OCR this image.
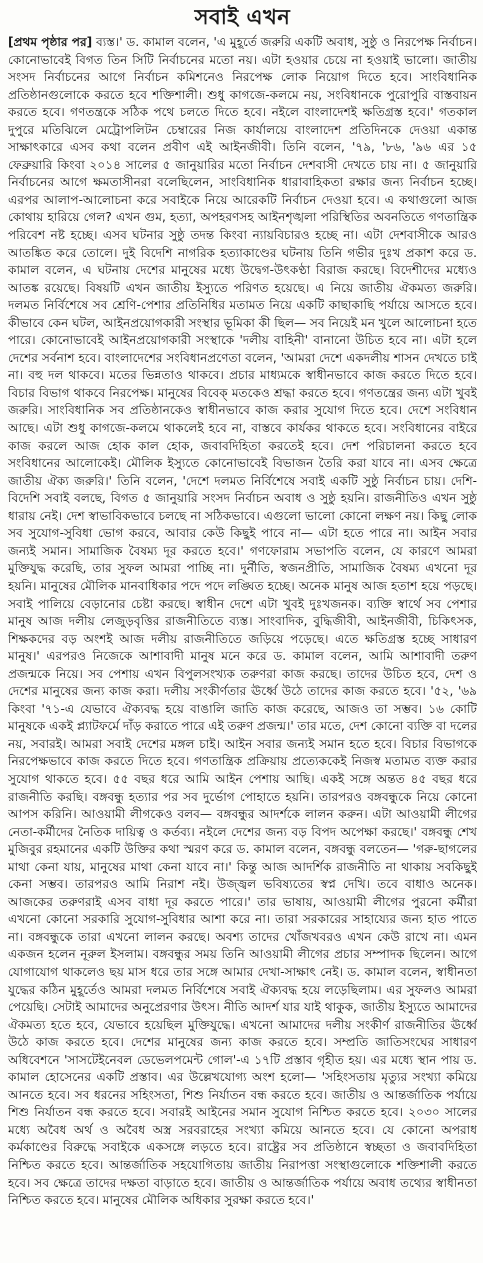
সবাই এখন

[প্রথম পৃষ্ঠার পর] ব্যস্ত।' ড. কামাল বলেন, 'এ মুহূর্তে জরুরি একটি অবাধ, সুষ্ঠু ও নিরপেক্ষ নির্বাচন। কোনোভাবেই বিগত তিন সিটি নির্বাচনের মতো নয়। এটা হওয়ার চেয়ে না হওয়াই ভালো। জাতীয় সংসদ নির্বাচনের আগে নির্বাচন কমিশনেও নিরপেক্ষ লোক নিয়োগ দিতে হবে। সাংবিধানিক প্রতিষ্ঠানগুলোকে করতে হবে শক্তিশালী। শুধু কাগজে-কলমে নয়, সংবিধানকে পুরোপুরি বাস্তবায়ন করতে হবে। গণতন্ত্রকে সঠিক পথে চলতে দিতে হবে। নইলে বাংলাদেশই ক্ষতিগ্রস্ত হবে।' গতকাল দুপুরে মতিঝিলে মেট্রোপলিটন চেম্বারের নিজ কার্যালয়ে বাংলাদেশ প্রতিদিনকে দেওয়া একান্ত সাক্ষাৎকারে এসব কথা বলেন প্রবীণ এই আইনজীবী। তিনি বলেন, '৭৯, '৮৬, '৯৬ এর ১৫ ফেব্রুয়ারি কিংবা ২০১৪ সালের ৫ জানুয়ারির মতো নির্বাচন দেশবাসী দেখতে চায় না। ৫ জানুয়ারি নির্বাচনের আগে ক্ষমতাসীনরা বলেছিলেন, সাংবিধানিক ধারাবাহিকতা রক্ষার জন্য নির্বাচন হচ্ছে। এরপর আলাপ-আলোচনা করে সবাইকে নিয়ে আরেকটি নির্বাচন দেওয়া হবে। এ কথাগুলো আজ কোথায় হারিয়ে গেল? এখন গুম, হত্যা, অপহরণসহ আইনশৃঙ্খলা পরিস্থিতির অবনতিতে গণতান্ত্রিক পরিবেশ নষ্ট হচ্ছে। এসব ঘটনার সুষ্ঠু তদন্ত কিংবা ন্যায়বিচারও হচ্ছে না। এটা দেশবাসীকে আরও আতঙ্কিত করে তোলে। দুই বিদেশি নাগরিক হত্যাকাণ্ডের ঘটনায় তিনি গভীর দুঃখ প্রকাশ করে ড. কামাল বলেন, এ ঘটনায় দেশের মানুষের মধ্যে উদ্বেগ-উৎকণ্ঠা বিরাজ করছে। বিদেশীদের মধ্যেও আতঙ্ক রয়েছে। বিষয়টি এখন জাতীয় ইস্যুতে পরিণত হয়েছে। এ নিয়ে জাতীয় ঐকমত্য জরুরি। দলমত নির্বিশেষে সব শ্রেণি-পেশার প্রতিনিধির মতামত নিয়ে একটি কাছাকাছি পর্যায়ে আসতে হবে। কীভাবে কেন ঘটল, আইনপ্রয়োগকারী সংস্থার ভূমিকা কী ছিল— সব নিয়েই মন খুলে আলোচনা হতে পারে। কোনোভাবেই আইনপ্রয়োগকারী সংস্থাকে 'দলীয় বাহিনী' বানানো উচিত হবে না। এটা হলে দেশের সর্বনাশ হবে। বাংলাদেশের সংবিধানপ্রণেতা বলেন, 'আমরা দেশে একদলীয় শাসন দেখতে চাই না। বহু দল থাকবে। মতের ভিন্নতাও থাকবে। প্রচার মাধ্যমকে স্বাধীনভাবে কাজ করতে দিতে হবে। বিচার বিভাগ থাকবে নিরপেক্ষ। মানুষের বিবেক্ মতকেও শ্রদ্ধা করতে হবে। গণতন্ত্রের জন্য এটা খুবই জরুরি। সাংবিধানিক সব প্রতিষ্ঠানকেও স্বাধীনভাবে কাজ করার সুযোগ দিতে হবে। দেশে সংবিধান আছে। এটা শুধু কাগজে-কলমে থাকলেই হবে না, বাস্তবে কার্যকর থাকতে হবে। সংবিধানের বাইরে কাজ করলে আজ হোক কাল হোক, জবাবদিহিতা করতেই হবে। দেশ পরিচালনা করতে হবে সংবিধানের আলোকেই। মৌলিক ইস্যুতে কোনোভাবেই বিভাজন তৈরি করা যাবে না। এসব ক্ষেত্রে জাতীয় ঐক্য জরুরি।' তিনি বলেন, 'দেশে দলমত নির্বিশেষে সবাই একটি সুষ্ঠু নির্বাচন চায়। দেশি-বিদেশি সবাই বলছে, বিগত ৫ জানুয়ারি সংসদ নির্বাচন অবাধ ও সুষ্ঠু হয়নি। রাজনীতিও এখন সুষ্ঠু ধারায় নেই। দেশ স্বাভাবিকভাবে চলছে না সঠিকভাবে। এগুলো ভালো কোনো লক্ষণ নয়। কিছু লোক সব সুযোগ-সুবিধা ভোগ করবে, আবার কেউ কিছুই পাবে না— এটা হতে পারে না। আইন সবার জন্যই সমান। সামাজিক বৈষম্য দূর করতে হবে।' গণফোরাম সভাপতি বলেন, যে কারণে আমরা মুক্তিযুদ্ধ করেছি, তার সুফল আমরা পাচ্ছি না। দুর্নীতি, স্বজনপ্রীতি, সামাজিক বৈষম্য এখনো দূর হয়নি। মানুষের মৌলিক মানবাধিকার পদে পদে লঙ্ঘিত হচ্ছে। অনেক মানুষ আজ হতাশ হয়ে পড়ছে। সবাই পালিয়ে বেড়ানোর চেষ্টা করছে। স্বাধীন দেশে এটা খুবই দুঃখজনক। ব্যক্তি স্বার্থে সব পেশার মানুষ আজ দলীয় লেজুড়বৃত্তির রাজনীতিতে ব্যস্ত। সাংবাদিক, বুদ্ধিজীবী, আইনজীবী, চিকিৎসক, শিক্ষকদের বড় অংশই আজ দলীয় রাজনীতিতে জড়িয়ে পড়েছে। এতে ক্ষতিগ্রস্ত হচ্ছে সাধারণ মানুষ।' এরপরও নিজেকে আশাবাদী মানুষ মনে করে ড. কামাল বলেন, আমি আশাবাদী তরুণ প্রজন্মকে নিয়ে। সব পেশায় এখন বিপুলসংখ্যক তরুণরা কাজ করছে। তাদের উচিত হবে, দেশ ও দেশের মানুষের জন্য কাজ করা। দলীয় সংকীর্ণতার ঊর্ধ্বে উঠে তাদের কাজ করতে হবে। '৫২, '৬৯ কিংবা '৭১-এ যেভাবে ঐক্যবদ্ধ হয়ে বাঙালি জাতি কাজ করেছে, আজও তা সম্ভব। ১৬ কোটি মানুষকে একই প্ল্যাটফর্মে দাঁড় করাতে পারে এই তরুণ প্রজন্ম।' তার মতে, দেশ কোনো ব্যক্তি বা দলের নয়, সবারই। আমরা সবাই দেশের মঙ্গল চাই। আইন সবার জন্যই সমান হতে হবে। বিচার বিভাগকে নিরপেক্ষভাবে কাজ করতে দিতে হবে। গণতান্ত্রিক প্রক্রিয়ায় প্রত্যেককেই নিজস্ব মতামত ব্যক্ত করার সুযোগ থাকতে হবে। ৫৫ বছর ধরে আমি আইন পেশায় আছি। একই সঙ্গে অন্তত ৪৫ বছর ধরে রাজনীতি করছি। বঙ্গবন্ধু হত্যার পর সব দুর্ভোগ পোহাতে হয়নি। তারপরও বঙ্গবন্ধুকে নিয়ে কোনো আপস করিনি। আওয়ামী লীগকেও বলব— বঙ্গবন্ধুর আদর্শকে লালন করুন। এটা আওয়ামী লীগের নেতা-কর্মীদের নৈতিক দায়িত্ব ও কর্তব্য। নইলে দেশের জন্য বড় বিপদ অপেক্ষা করছে।' বঙ্গবন্ধু শেখ মুজিবুর রহমানের একটি উক্তির কথা স্মরণ করে ড. কামাল বলেন, বঙ্গবন্ধু বলতেন— 'গরু-ছাগলের মাথা কেনা যায়, মানুষের মাথা কেনা যাবে না।' কিন্তু আজ আদর্শিক রাজনীতি না থাকায় সবকিছুই কেনা সম্ভব। তারপরও আমি নিরাশ নই। উজ্জ্বল ভবিষ্যতের স্বপ্ন দেখি। তবে বাধাও অনেক। আজকের তরুণরাই এসব বাধা দূর করতে পারে।' তার ভাষায়, আওয়ামী লীগের পুরনো কর্মীরা এখনো কোনো সরকারি সুযোগ-সুবিধার আশা করে না। তারা সরকারের সাহায্যের জন্য হাত পাতে না। বঙ্গবন্ধুকে তারা এখনো লালন করছে। অবশ্য তাদের খোঁজখবরও এখন কেউ রাখে না। এমন একজন হলেন নূরুল ইসলাম। বঙ্গবন্ধুর সময় তিনি আওয়ামী লীগের প্রচার সম্পাদক ছিলেন। আগে যোগাযোগ থাকলেও ছয় মাস ধরে তার সঙ্গে আমার দেখা-সাক্ষাৎ নেই। ড. কামাল বলেন, স্বাধীনতা যুদ্ধের কঠিন মুহূর্তেও আমরা দলমত নির্বিশেষে সবাই ঐক্যবদ্ধ হয়ে লড়েছিলাম। এর সুফলও আমরা পেয়েছি। সেটাই আমাদের অনুপ্রেরণার উৎস। নীতি আদর্শ যার যাই থাকুক, জাতীয় ইস্যুতে আমাদের ঐকমত্য হতে হবে, যেভাবে হয়েছিল মুক্তিযুদ্ধে। এখনো আমাদের দলীয় সংকীর্ণ রাজনীতির ঊর্ধ্বে উঠে কাজ করতে হবে। দেশের মানুষের জন্য কাজ করতে হবে। সম্প্রতি জাতিসংঘের সাধারণ অধিবেশনে 'সাসটেইনেবল ডেভেলপমেন্ট গোল'-এ ১৭টি প্রস্তাব গৃহীত হয়। এর মধ্যে স্থান পায় ড. কামাল হোসেনের একটি প্রস্তাব। এর উল্লেখযোগ্য অংশ হলো— 'সহিংসতায় মৃত্যুর সংখ্যা কমিয়ে আনতে হবে। সব ধরনের সহিংসতা, শিশু নির্যাতন বন্ধ করতে হবে। জাতীয় ও আন্তর্জাতিক পর্যায়ে শিশু নির্যাতন বন্ধ করতে হবে। সবারই আইনের সমান সুযোগ নিশ্চিত করতে হবে। ২০৩০ সালের মধ্যে অবৈধ অর্থ ও অবৈধ অস্ত্র সরবরাহের সংখ্যা কমিয়ে আনতে হবে। যে কোনো অপরাধ কর্মকাণ্ডের বিরুদ্ধে সবাইকে একসঙ্গে লড়তে হবে। রাষ্ট্রের সব প্রতিষ্ঠানে স্বচ্ছতা ও জবাবদিহিতা নিশ্চিত করতে হবে। আন্তর্জাতিক সহযোগিতায় জাতীয় নিরাপত্তা সংস্থাগুলোকে শক্তিশালী করতে হবে। সব ক্ষেত্রে তাদের দক্ষতা বাড়াতে হবে। জাতীয় ও আন্তর্জাতিক পর্যায়ে অবাধ তথ্যের স্বাধীনতা নিশ্চিত করতে হবে। মানুষের মৌলিক অধিকার সুরক্ষা করতে হবে।'
